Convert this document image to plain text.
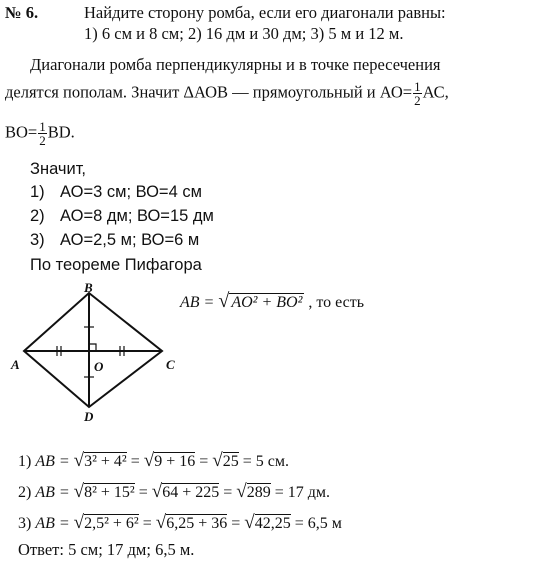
№ 6.	Найдите сторону ромба, если его диагонали равны:
1) 6 см и 8 см; 2) 16 дм и 30 дм; 3) 5 м и 12 м.
Диагонали ромба перпендикулярны и в точке пересечения
делятся пополам. Значит ΔАОВ — прямоугольный и $АО= \frac{1}{2}$ АС,
$ВО= \frac{1}{2}$ BD.
Значит,
1) АО=3 см; ВО=4 см
2) АО=8 дм; ВО=15 дм
3) АО=2,5 м; ВО=6 м
По теореме Пифагора
AB = √ AO² + BO² , то есть
A
B
C
D
O
1) AB = √3² + 4² = √9 + 16 = √25 = 5 см.
2) AB = √8² + 15² = √64 + 225 = √289 = 17 дм.
3) AB = √2,5² + 6² = √6,25 + 36 = √42,25 = 6,5 м
Ответ: 5 см; 17 дм; 6,5 м.
